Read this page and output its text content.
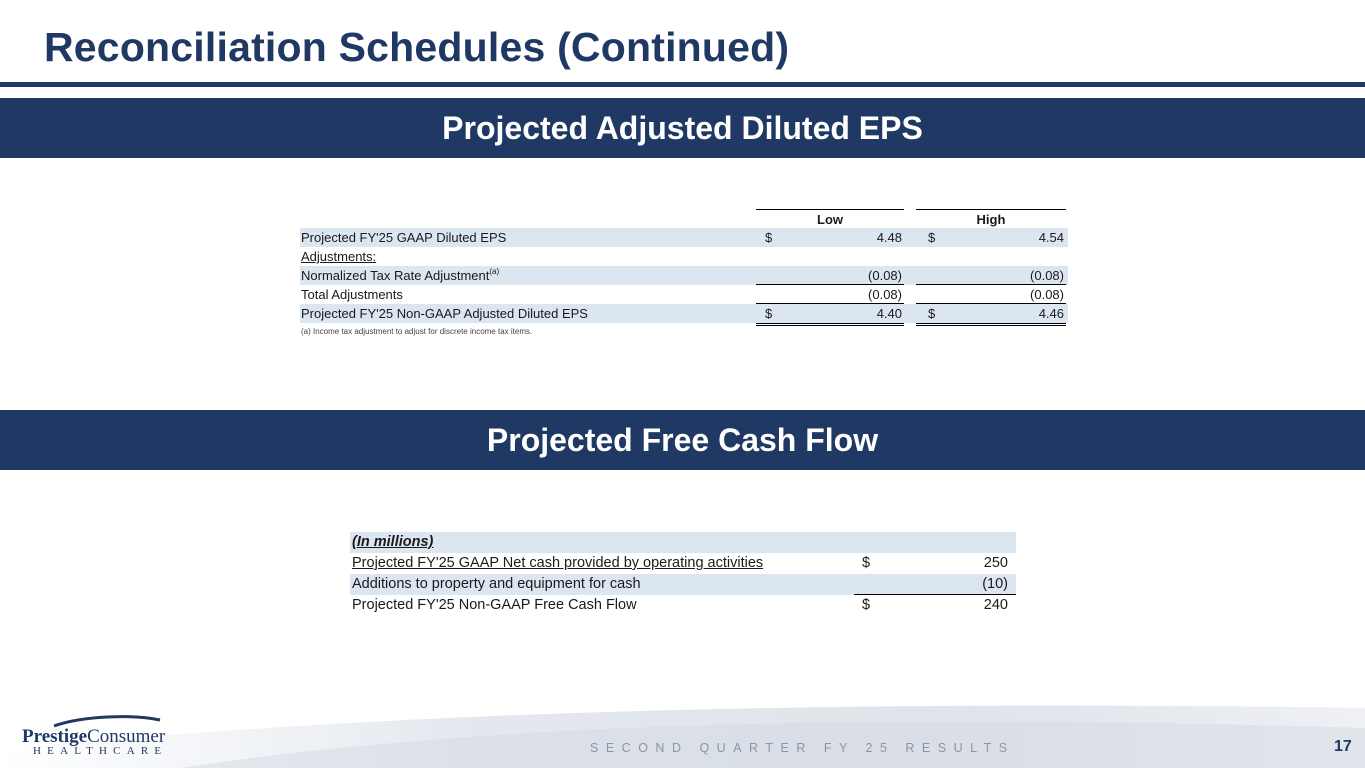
Reconciliation Schedules (Continued)
Projected Adjusted Diluted EPS
Low	High
Projected FY'25 GAAP Diluted EPS	$	4.48 $	4.54
Adjustments:
Normalized Tax Rate Adjustment$^{(a)}$	(0.08)	(0.08)
Total Adjustments	(0.08)	(0.08)
Projected FY'25 Non-GAAP Adjusted Diluted EPS	$	4.40 $	4.46
(a) Income tax adjustment to adjust for discrete income tax items.
Projected Free Cash Flow
(In millions)
Projected FY'25 GAAP Net cash provided by operating activities	$	250
Additions to property and equipment for cash	(10)
Projected FY'25 Non-GAAP Free Cash Flow	$	240
PrestigeConsumer
HEALTHCARE	SECOND QUARTER FY 25 RESULTS	17
